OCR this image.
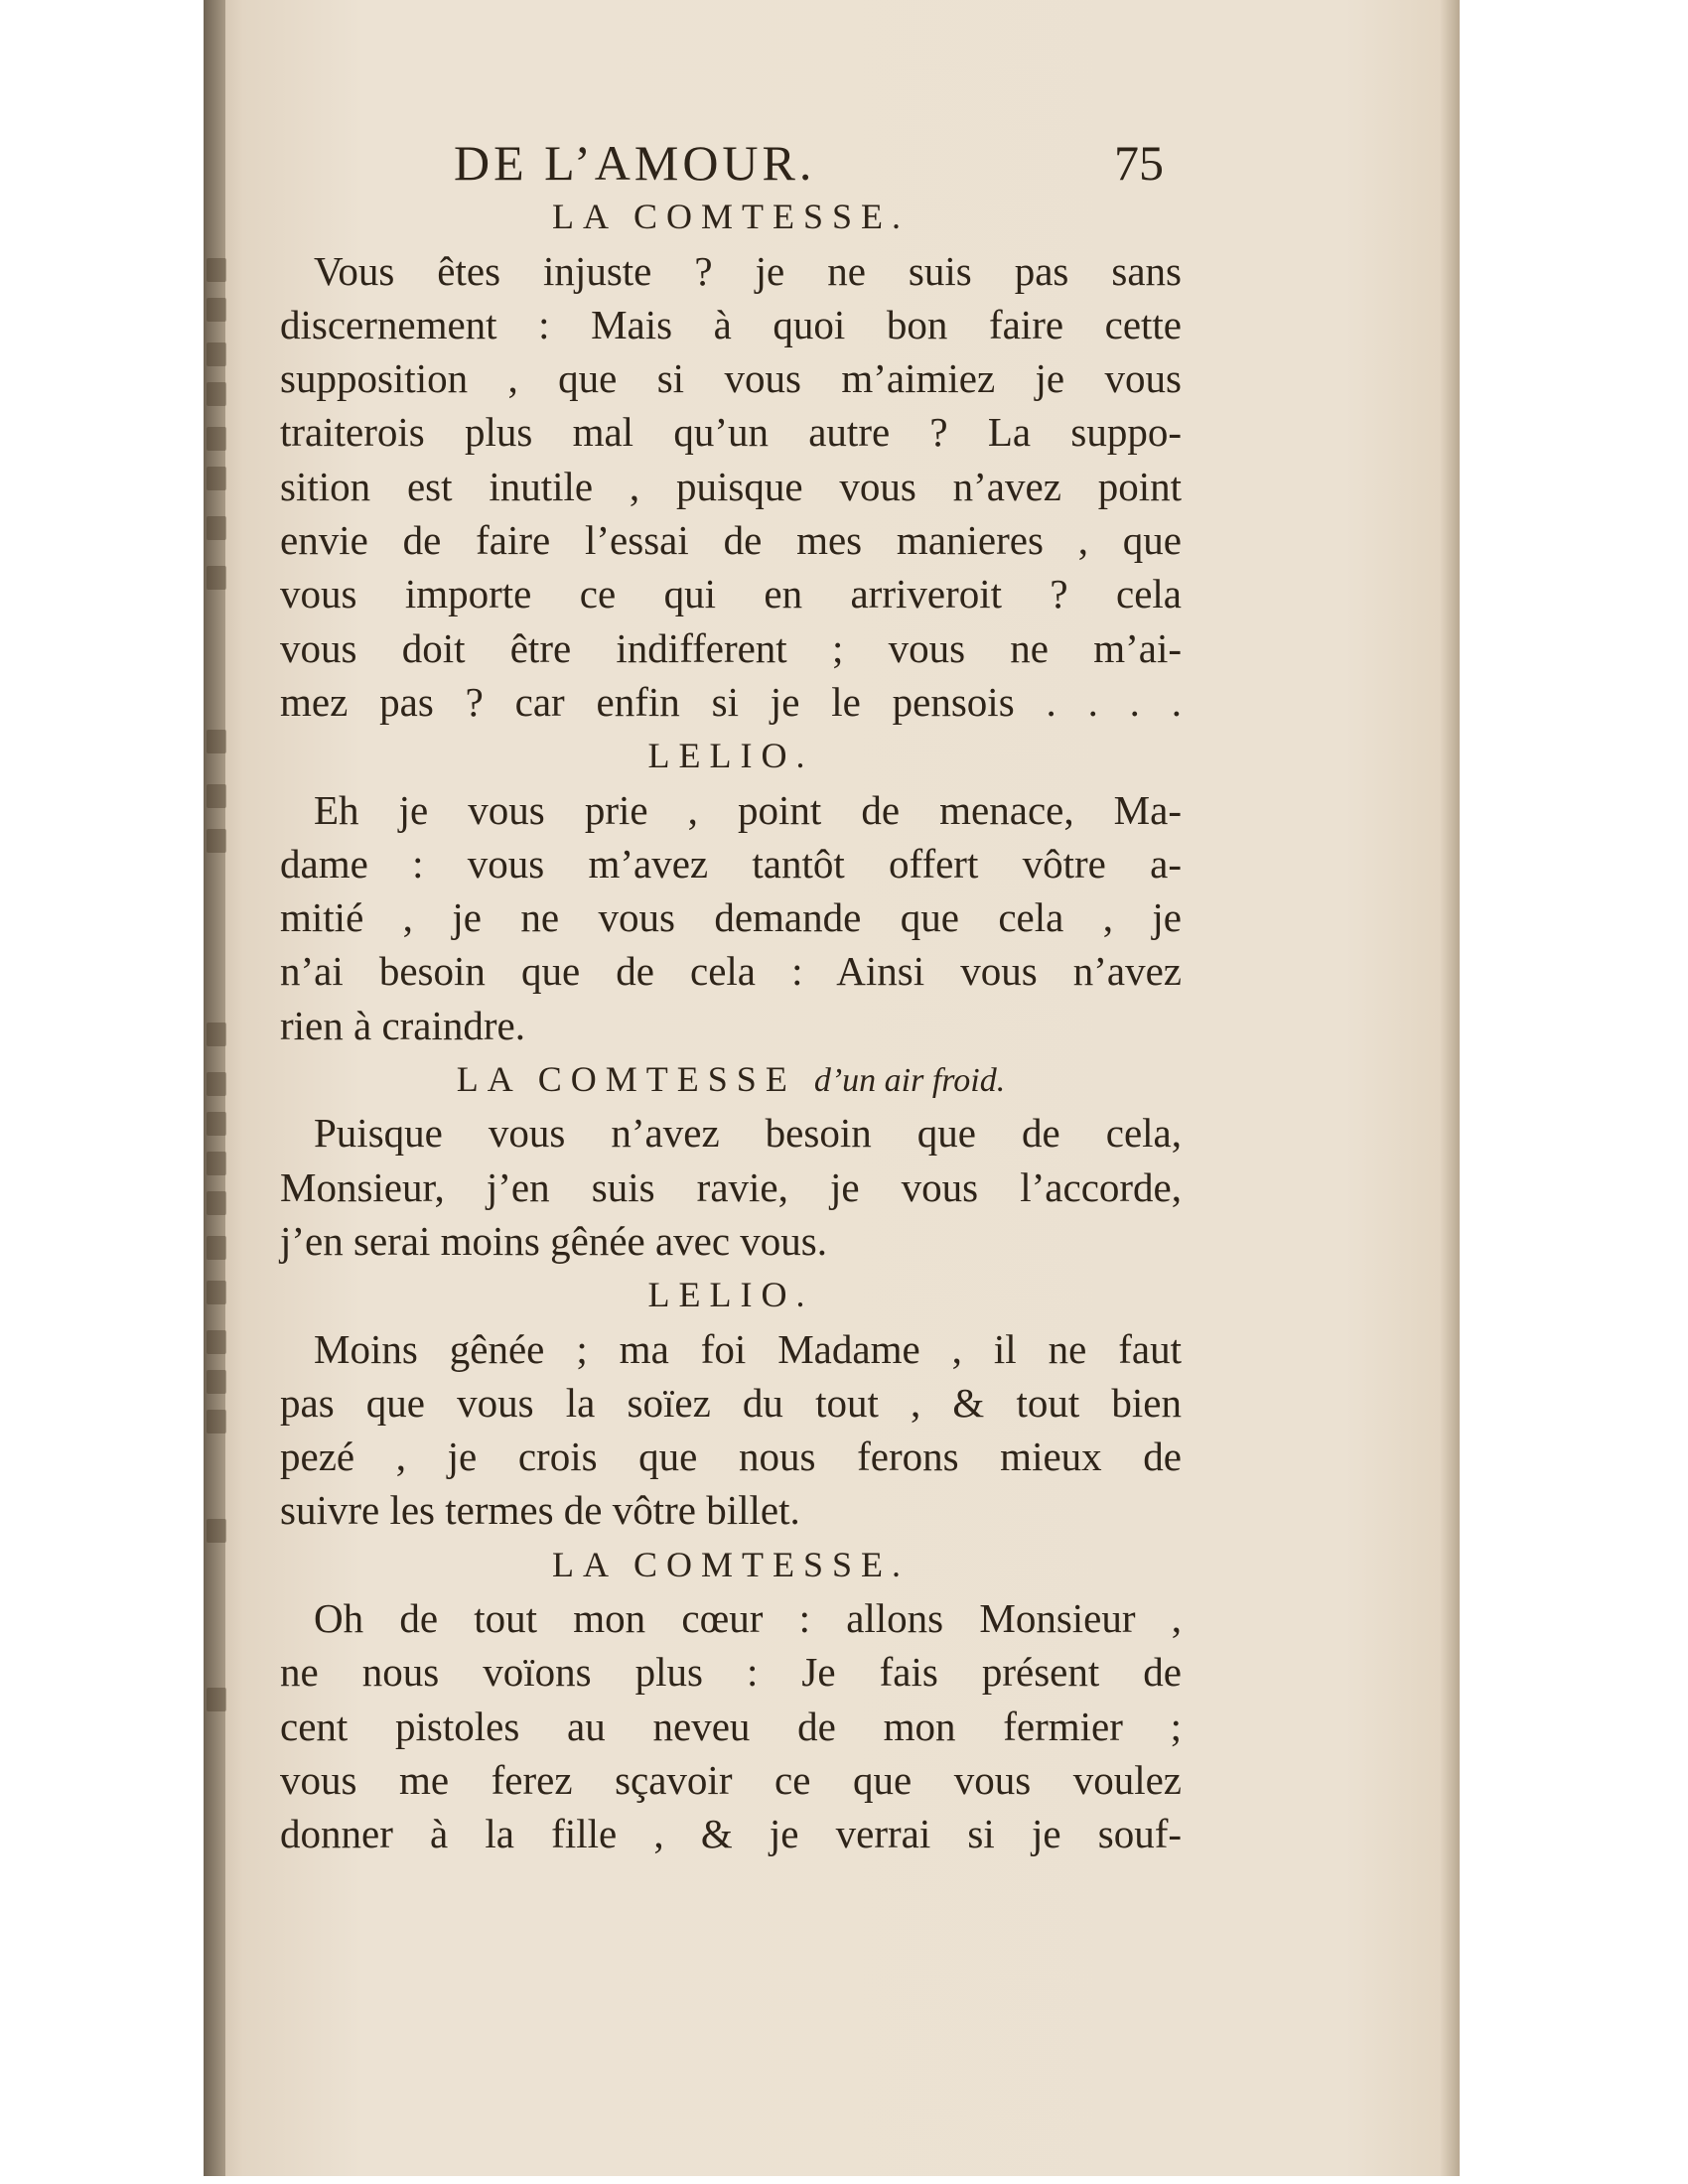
DE L’AMOUR.	75
LA COMTESSE.
Vous êtes injuste ? je ne suis pas sans
discernement : Mais à quoi bon faire cette
supposition , que si vous m’aimiez je vous
traiterois plus mal qu’un autre ? La suppo-
sition est inutile , puisque vous n’avez point
envie de faire l’essai de mes manieres , que
vous importe ce qui en arriveroit ? cela
vous doit être indifferent ; vous ne m’ai-
mez pas ? car enfin si je le pensois . . . .
LELIO.
Eh je vous prie , point de menace, Ma-
dame : vous m’avez tantôt offert vôtre a-
mitié , je ne vous demande que cela , je
n’ai besoin que de cela : Ainsi vous n’avez
rien à craindre.
LA COMTESSE d’un air froid.
Puisque vous n’avez besoin que de cela,
Monsieur, j’en suis ravie, je vous l’accorde,
j’en serai moins gênée avec vous.
LELIO.
Moins gênée ; ma foi Madame , il ne faut
pas que vous la soïez du tout , & tout bien
pezé , je crois que nous ferons mieux de
suivre les termes de vôtre billet.
LA COMTESSE.
Oh de tout mon cœur : allons Monsieur ,
ne nous voïons plus : Je fais présent de
cent pistoles au neveu de mon fermier ;
vous me ferez sçavoir ce que vous voulez
donner à la fille , & je verrai si je souf-
